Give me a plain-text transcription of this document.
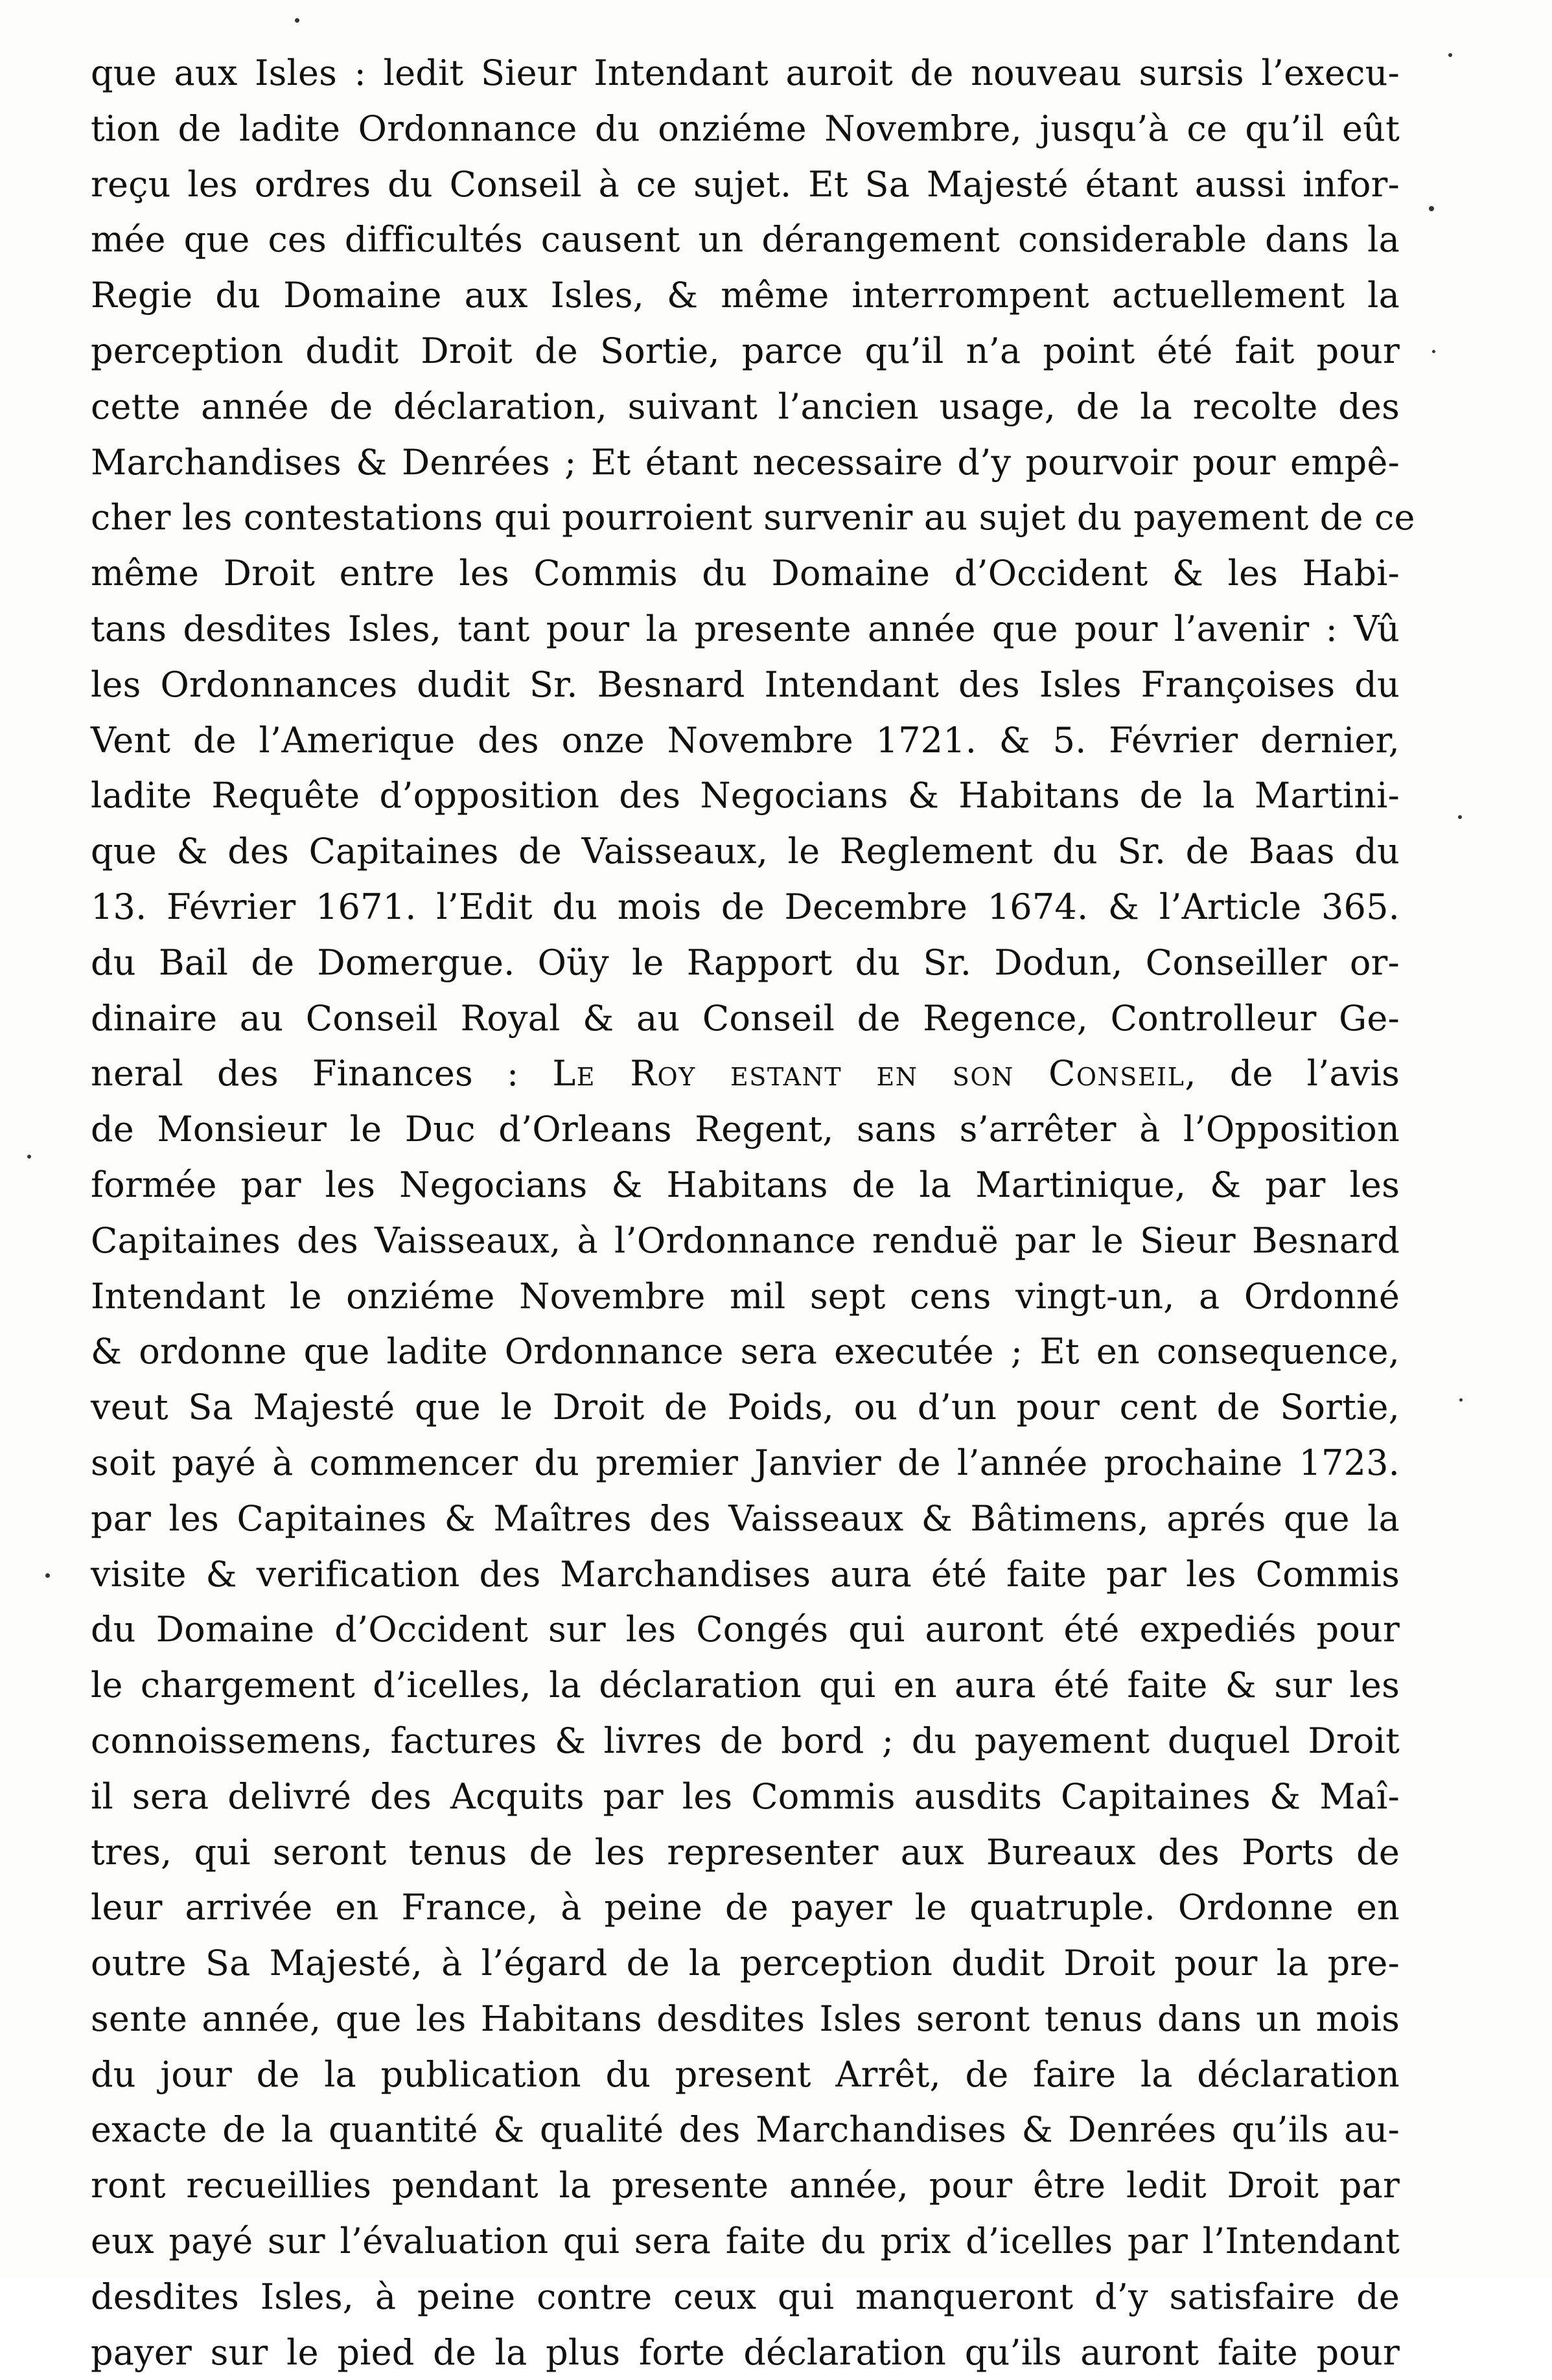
que aux Isles : ledit Sieur Intendant auroit de nouveau sursis l’execu-
tion de ladite Ordonnance du onziéme Novembre, jusqu’à ce qu’il eût
reçu les ordres du Conseil à ce sujet. Et Sa Majesté étant aussi infor-
mée que ces difficultés causent un dérangement considerable dans la
Regie du Domaine aux Isles, & même interrompent actuellement la
perception dudit Droit de Sortie, parce qu’il n’a point été fait pour
cette année de déclaration, suivant l’ancien usage, de la recolte des
Marchandises & Denrées ; Et étant necessaire d’y pourvoir pour empê-
cher les contestations qui pourroient survenir au sujet du payement de ce
même Droit entre les Commis du Domaine d’Occident & les Habi-
tans desdites Isles, tant pour la presente année que pour l’avenir : Vû
les Ordonnances dudit Sr. Besnard Intendant des Isles Françoises du
Vent de l’Amerique des onze Novembre 1721. & 5. Février dernier,
ladite Requête d’opposition des Negocians & Habitans de la Martini-
que & des Capitaines de Vaisseaux, le Reglement du Sr. de Baas du
13. Février 1671. l’Edit du mois de Decembre 1674. & l’Article 365.
du Bail de Domergue. Oüy le Rapport du Sr. Dodun, Conseiller or-
dinaire au Conseil Royal & au Conseil de Regence, Controlleur Ge-
neral des Finances : Le Roy estant en son Conseil, de l’avis
de Monsieur le Duc d’Orleans Regent, sans s’arrêter à l’Opposition
formée par les Negocians & Habitans de la Martinique, & par les
Capitaines des Vaisseaux, à l’Ordonnance renduë par le Sieur Besnard
Intendant le onziéme Novembre mil sept cens vingt-un, a Ordonné
& ordonne que ladite Ordonnance sera executée ; Et en consequence,
veut Sa Majesté que le Droit de Poids, ou d’un pour cent de Sortie,
soit payé à commencer du premier Janvier de l’année prochaine 1723.
par les Capitaines & Maîtres des Vaisseaux & Bâtimens, aprés que la
visite & verification des Marchandises aura été faite par les Commis
du Domaine d’Occident sur les Congés qui auront été expediés pour
le chargement d’icelles, la déclaration qui en aura été faite & sur les
connoissemens, factures & livres de bord ; du payement duquel Droit
il sera delivré des Acquits par les Commis ausdits Capitaines & Maî-
tres, qui seront tenus de les representer aux Bureaux des Ports de
leur arrivée en France, à peine de payer le quatruple. Ordonne en
outre Sa Majesté, à l’égard de la perception dudit Droit pour la pre-
sente année, que les Habitans desdites Isles seront tenus dans un mois
du jour de la publication du present Arrêt, de faire la déclaration
exacte de la quantité & qualité des Marchandises & Denrées qu’ils au-
ront recueillies pendant la presente année, pour être ledit Droit par
eux payé sur l’évaluation qui sera faite du prix d’icelles par l’Intendant
desdites Isles, à peine contre ceux qui manqueront d’y satisfaire de
payer sur le pied de la plus forte déclaration qu’ils auront faite pour
